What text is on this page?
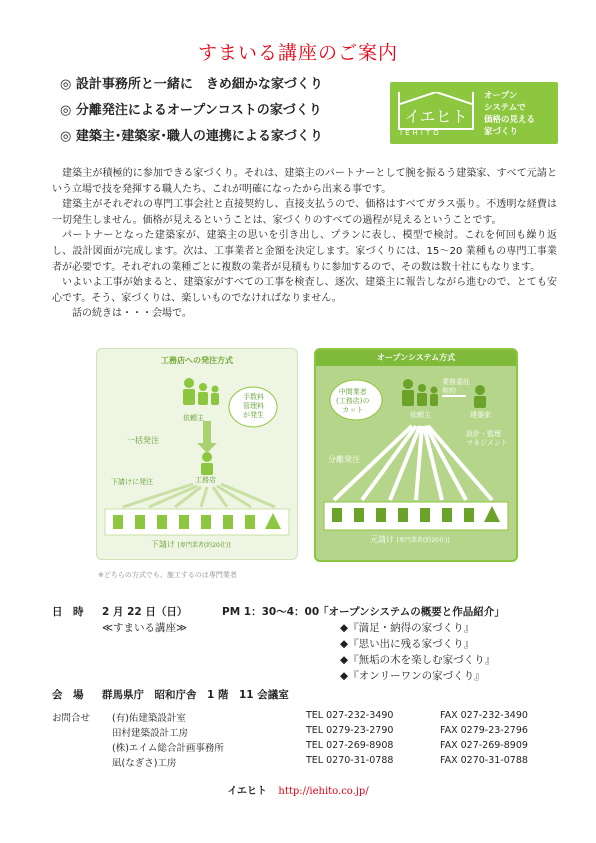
すまいる講座のご案内
◎ 設計事務所と一緒に　きめ細かな家づくり
◎ 分離発注によるオープンコストの家づくり
◎ 建築主･建築家･職人の連携による家づくり
イエヒト
IEHITO
オープン
システムで
価格の見える
家づくり

建築主が積極的に参加できる家づくり。それは、建築主のパートナーとして腕を振るう建築家、すべて元請という立場で技を発揮する職人たち、これが明確になったから出来る事です。

建築主がそれぞれの専門工事会社と直接契約し、直接支払うので、価格はすべてガラス張り。不透明な経費は一切発生しません。価格が見えるということは、家づくりのすべての過程が見えるということです。

パートナーとなった建築家が、建築主の思いを引き出し、プランに表し、模型で検討。これを何回も繰り返し、設計図面が完成します。次は、工事業者と金額を決定します。家づくりには、15～20 業種もの専門工事業者が必要です。それぞれの業種ごとに複数の業者が見積もりに参加するので、その数は数十社にもなります。

いよいよ工事が始まると、建築家がすべての工事を検査し、逐次、建築主に報告しながら進むので、とても安心です。そう、家づくりは、楽しいものでなければなりません。

話の続きは・・・会場で。

工務店への発注方式
依頼主
手数料
管理料
が発生
一括発注
工務店
下請けに発注
下請け [専門業者(約20社)]
オープンシステム方式
依頼主
中間業者
(工務店)の
カット
業務委託
契約
建築家
設計・監理
マネジメント
分離発注
元請け [専門業者(約20社)]
※どちらの方式でも、施工するのは専門業者
日　時 2 月 22 日（日）	PM 1：30～4：00
「オープンシステムの概要と作品紹介」
≪すまいる講座≫	◆『満足・納得の家づくり』
◆『思い出に残る家づくり』
◆『無垢の木を楽しむ家づくり』
◆『オンリーワンの家づくり』
会　場 群馬県庁　昭和庁舎　1 階　11 会議室
お問合せ (有)佑建築設計室	TEL 027-232-3490	FAX 027-232-3490
田村建築設計工房	TEL 0279-23-2790	FAX 0279-23-2796
(株)エイム総合計画事務所	TEL 027-269-8908	FAX 027-269-8909
凪(なぎさ)工房	TEL 0270-31-0788	FAX 0270-31-0788
イエヒト http://iehito.co.jp/
